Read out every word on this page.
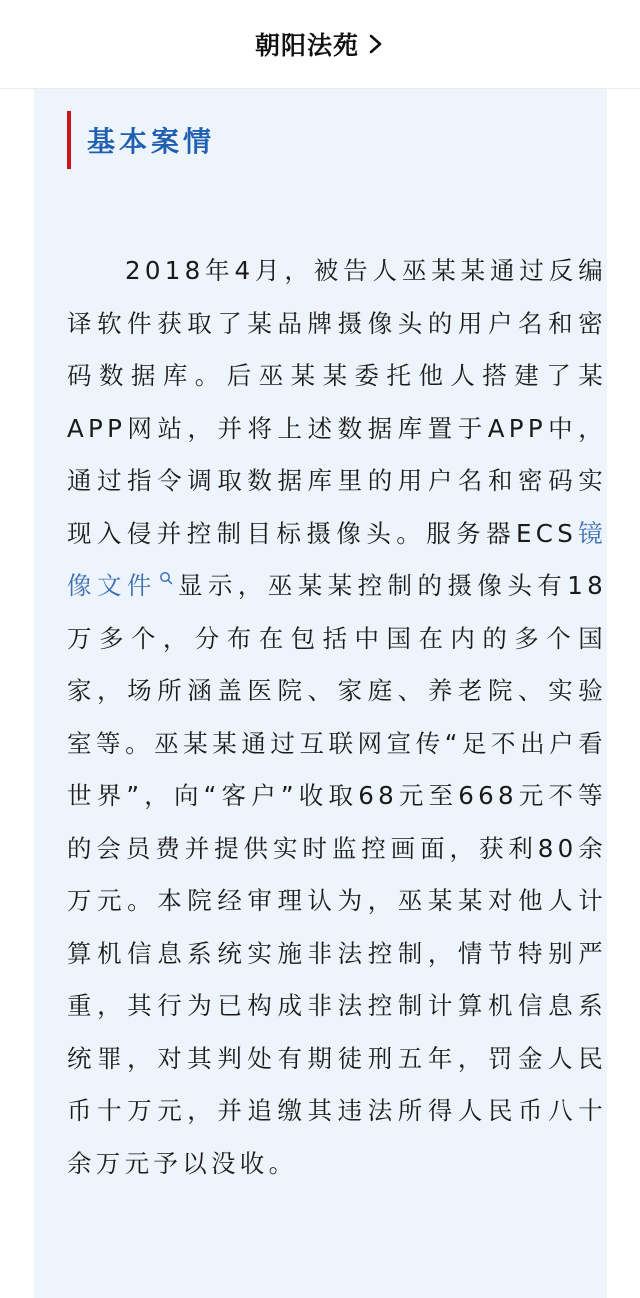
朝阳法苑
基本案情

2018年4月，被告人巫某某通过反编译软件获取了某品牌摄像头的用户名和密码数据库。后巫某某委托他人搭建了某APP网站，并将上述数据库置于APP中，通过指令调取数据库里的用户名和密码实现入侵并控制目标摄像头。服务器ECS镜像文件 显示，巫某某控制的摄像头有18万多个，分布在包括中国在内的多个国家，场所涵盖医院、家庭、养老院、实验室等。巫某某通过互联网宣传“足不出户看世界”，向“客户”收取68元至668元不等的会员费并提供实时监控画面，获利80余万元。本院经审理认为，巫某某对他人计算机信息系统实施非法控制，情节特别严重，其行为已构成非法控制计算机信息系统罪，对其判处有期徒刑五年，罚金人民币十万元，并追缴其违法所得人民币八十余万元予以没收。
